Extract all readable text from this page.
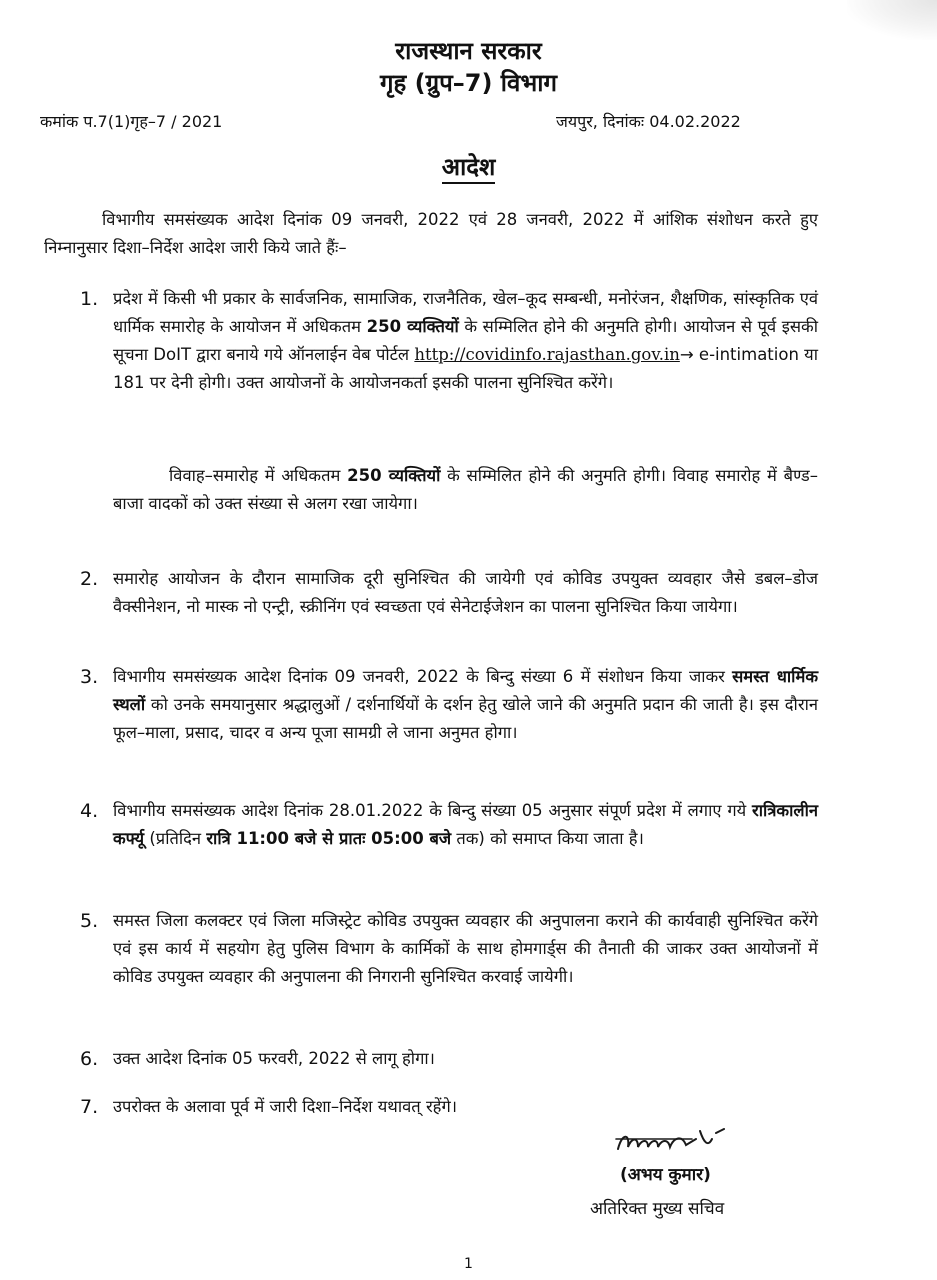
राजस्थान सरकार
गृह (ग्रुप–7) विभाग
कमांक प.7(1)गृह–7 / 2021	जयपुर, दिनांकः 04.02.2022
आदेश
विभागीय समसंख्यक आदेश दिनांक 09 जनवरी, 2022 एवं 28 जनवरी, 2022 में आंशिक संशोधन करते हुए निम्नानुसार दिशा–निर्देश आदेश जारी किये जाते हैंः–
1. प्रदेश में किसी भी प्रकार के सार्वजनिक, सामाजिक, राजनैतिक, खेल–कूद सम्बन्धी, मनोरंजन, शैक्षणिक, सांस्कृतिक एवं धार्मिक समारोह के आयोजन में अधिकतम 250 व्यक्तियों के सम्मिलित होने की अनुमति होगी। आयोजन से पूर्व इसकी सूचना DoIT द्वारा बनाये गये ऑनलाईन वेब पोर्टल http://covidinfo.rajasthan.gov.in→ e-intimation या 181 पर देनी होगी। उक्त आयोजनों के आयोजनकर्ता इसकी पालना सुनिश्चित करेंगे।
विवाह–समारोह में अधिकतम 250 व्यक्तियों के सम्मिलित होने की अनुमति होगी। विवाह समारोह में बैण्ड–बाजा वादकों को उक्त संख्या से अलग रखा जायेगा।
2. समारोह आयोजन के दौरान सामाजिक दूरी सुनिश्चित की जायेगी एवं कोविड उपयुक्त व्यवहार जैसे डबल–डोज वैक्सीनेशन, नो मास्क नो एन्ट्री, स्क्रीनिंग एवं स्वच्छता एवं सेनेटाईजेशन का पालना सुनिश्चित किया जायेगा।
3. विभागीय समसंख्यक आदेश दिनांक 09 जनवरी, 2022 के बिन्दु संख्या 6 में संशोधन किया जाकर समस्त धार्मिक स्थलों को उनके समयानुसार श्रद्धालुओं / दर्शनार्थियों के दर्शन हेतु खोले जाने की अनुमति प्रदान की जाती है। इस दौरान फूल–माला, प्रसाद, चादर व अन्य पूजा सामग्री ले जाना अनुमत होगा।
4. विभागीय समसंख्यक आदेश दिनांक 28.01.2022 के बिन्दु संख्या 05 अनुसार संपूर्ण प्रदेश में लगाए गये रात्रिकालीन कर्फ्यू (प्रतिदिन रात्रि 11:00 बजे से प्रातः 05:00 बजे तक) को समाप्त किया जाता है।
5. समस्त जिला कलक्टर एवं जिला मजिस्ट्रेट कोविड उपयुक्त व्यवहार की अनुपालना कराने की कार्यवाही सुनिश्चित करेंगे एवं इस कार्य में सहयोग हेतु पुलिस विभाग के कार्मिकों के साथ होमगार्ड्स की तैनाती की जाकर उक्त आयोजनों में कोविड उपयुक्त व्यवहार की अनुपालना की निगरानी सुनिश्चित करवाई जायेगी।
6. उक्त आदेश दिनांक 05 फरवरी, 2022 से लागू होगा।
7. उपरोक्त के अलावा पूर्व में जारी दिशा–निर्देश यथावत् रहेंगे।
(अभय कुमार)
अतिरिक्त मुख्य सचिव
1
